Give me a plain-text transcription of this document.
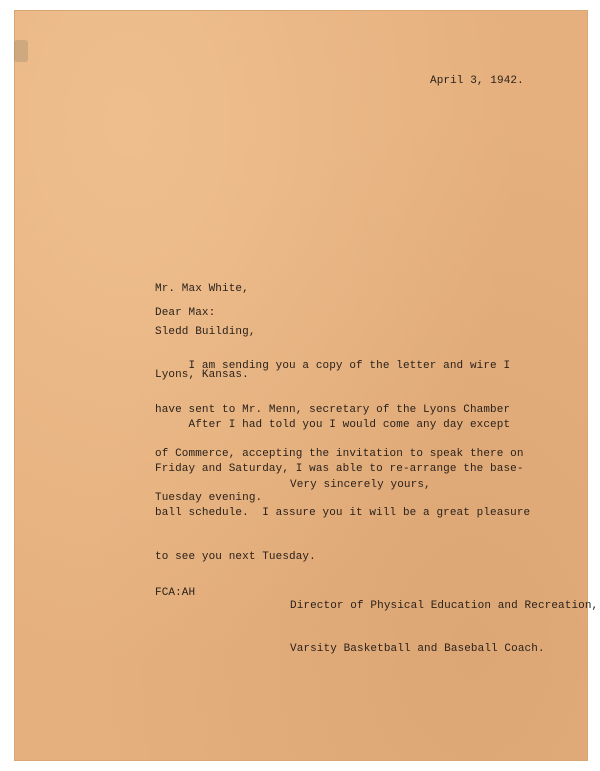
April 3, 1942.

Mr. Max White,

Sledd Building,

Lyons, Kansas.

Dear Max:

I am sending you a copy of the letter and wire I

have sent to Mr. Menn, secretary of the Lyons Chamber

of Commerce, accepting the invitation to speak there on

Tuesday evening.

After I had told you I would come any day except

Friday and Saturday, I was able to re-arrange the base-

ball schedule.  I assure you it will be a great pleasure

to see you next Tuesday.

Very sincerely yours,

Director of Physical Education and Recreation,

Varsity Basketball and Baseball Coach.

FCA:AH
